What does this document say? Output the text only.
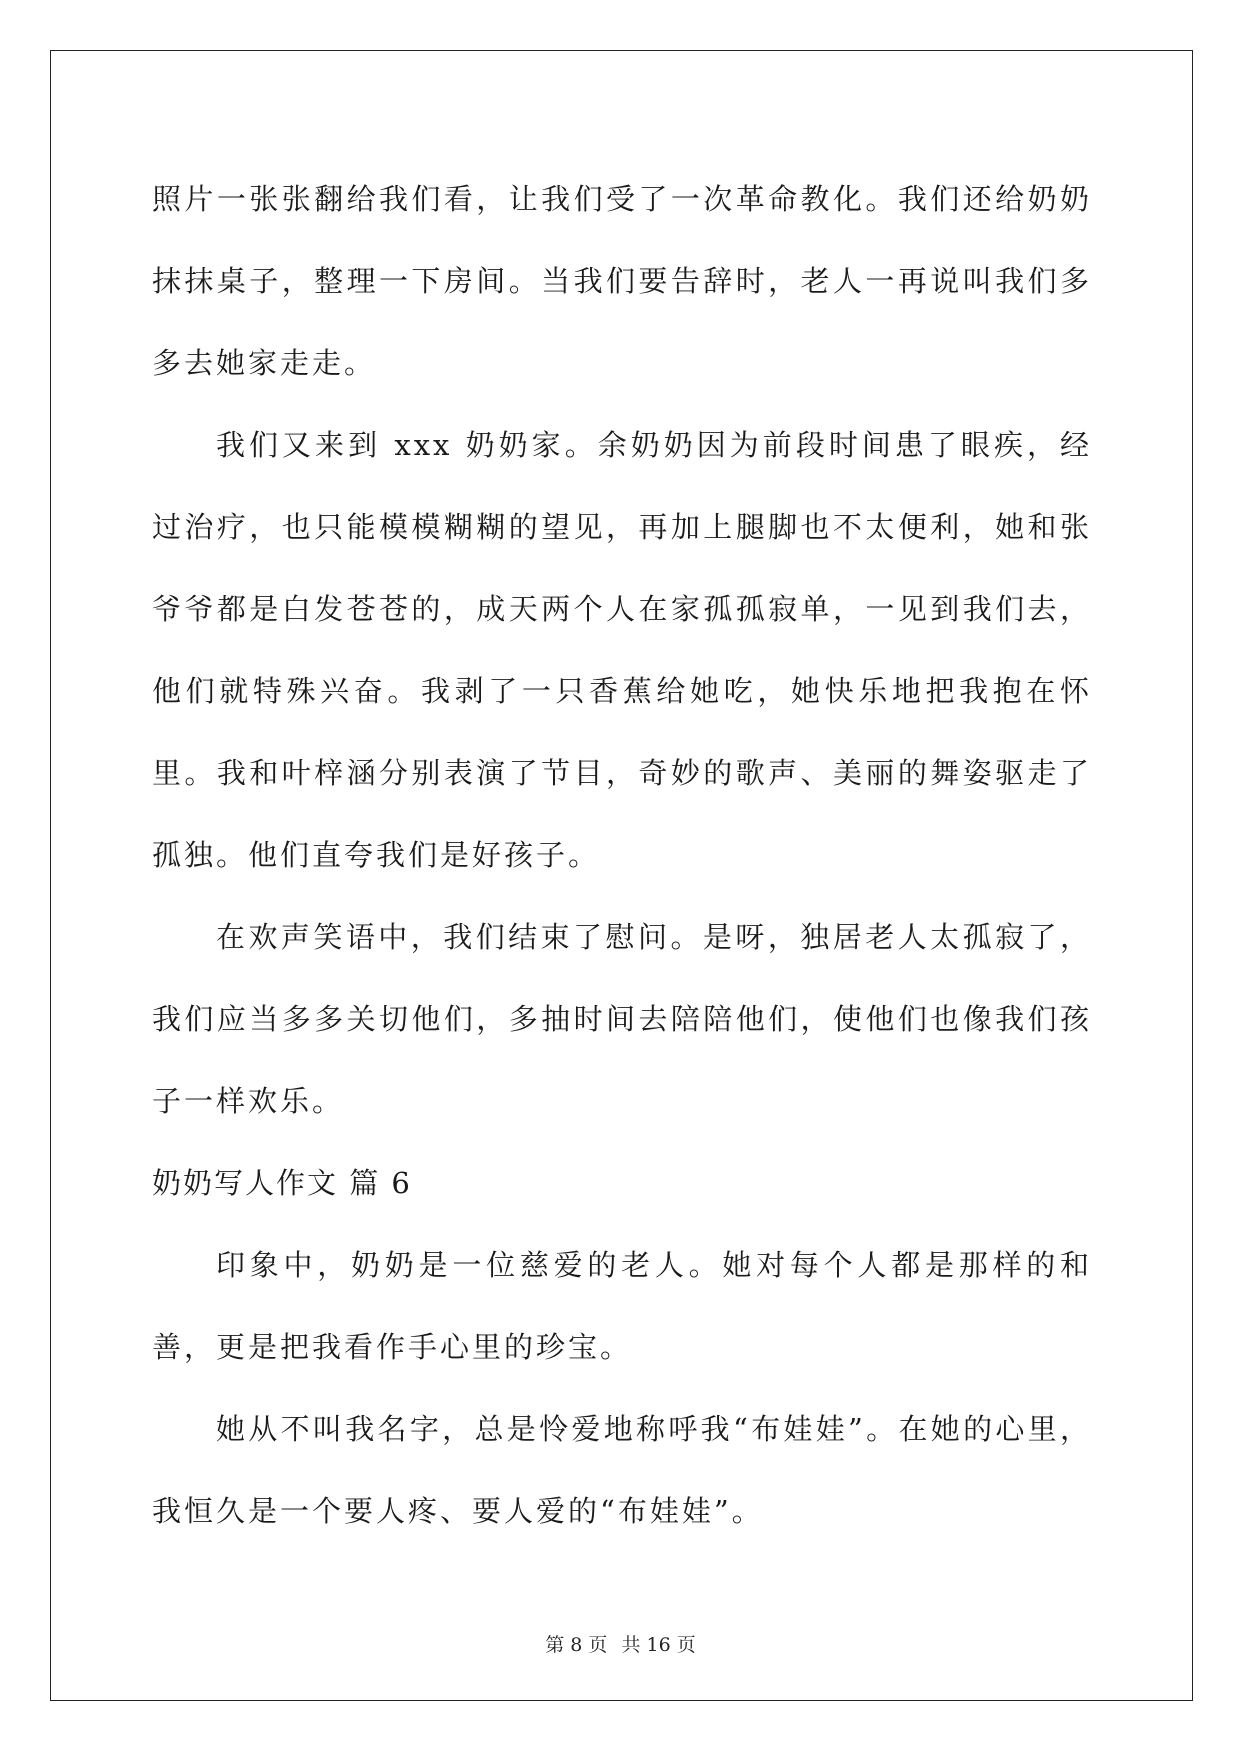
照片一张张翻给我们看，让我们受了一次革命教化。我们还给奶奶抹抹桌子，整理一下房间。当我们要告辞时，老人一再说叫我们多多去她家走走。

我们又来到 xxx 奶奶家。余奶奶因为前段时间患了眼疾，经过治疗，也只能模模糊糊的望见，再加上腿脚也不太便利，她和张爷爷都是白发苍苍的，成天两个人在家孤孤寂单，一见到我们去，他们就特殊兴奋。我剥了一只香蕉给她吃，她快乐地把我抱在怀里。我和叶梓涵分别表演了节目，奇妙的歌声、美丽的舞姿驱走了孤独。他们直夸我们是好孩子。

在欢声笑语中，我们结束了慰问。是呀，独居老人太孤寂了，我们应当多多关切他们，多抽时间去陪陪他们，使他们也像我们孩子一样欢乐。

奶奶写人作文 篇 6

印象中，奶奶是一位慈爱的老人。她对每个人都是那样的和善，更是把我看作手心里的珍宝。

她从不叫我名字，总是怜爱地称呼我“布娃娃”。在她的心里，我恒久是一个要人疼、要人爱的“布娃娃”。

第 8 页 共 16 页
